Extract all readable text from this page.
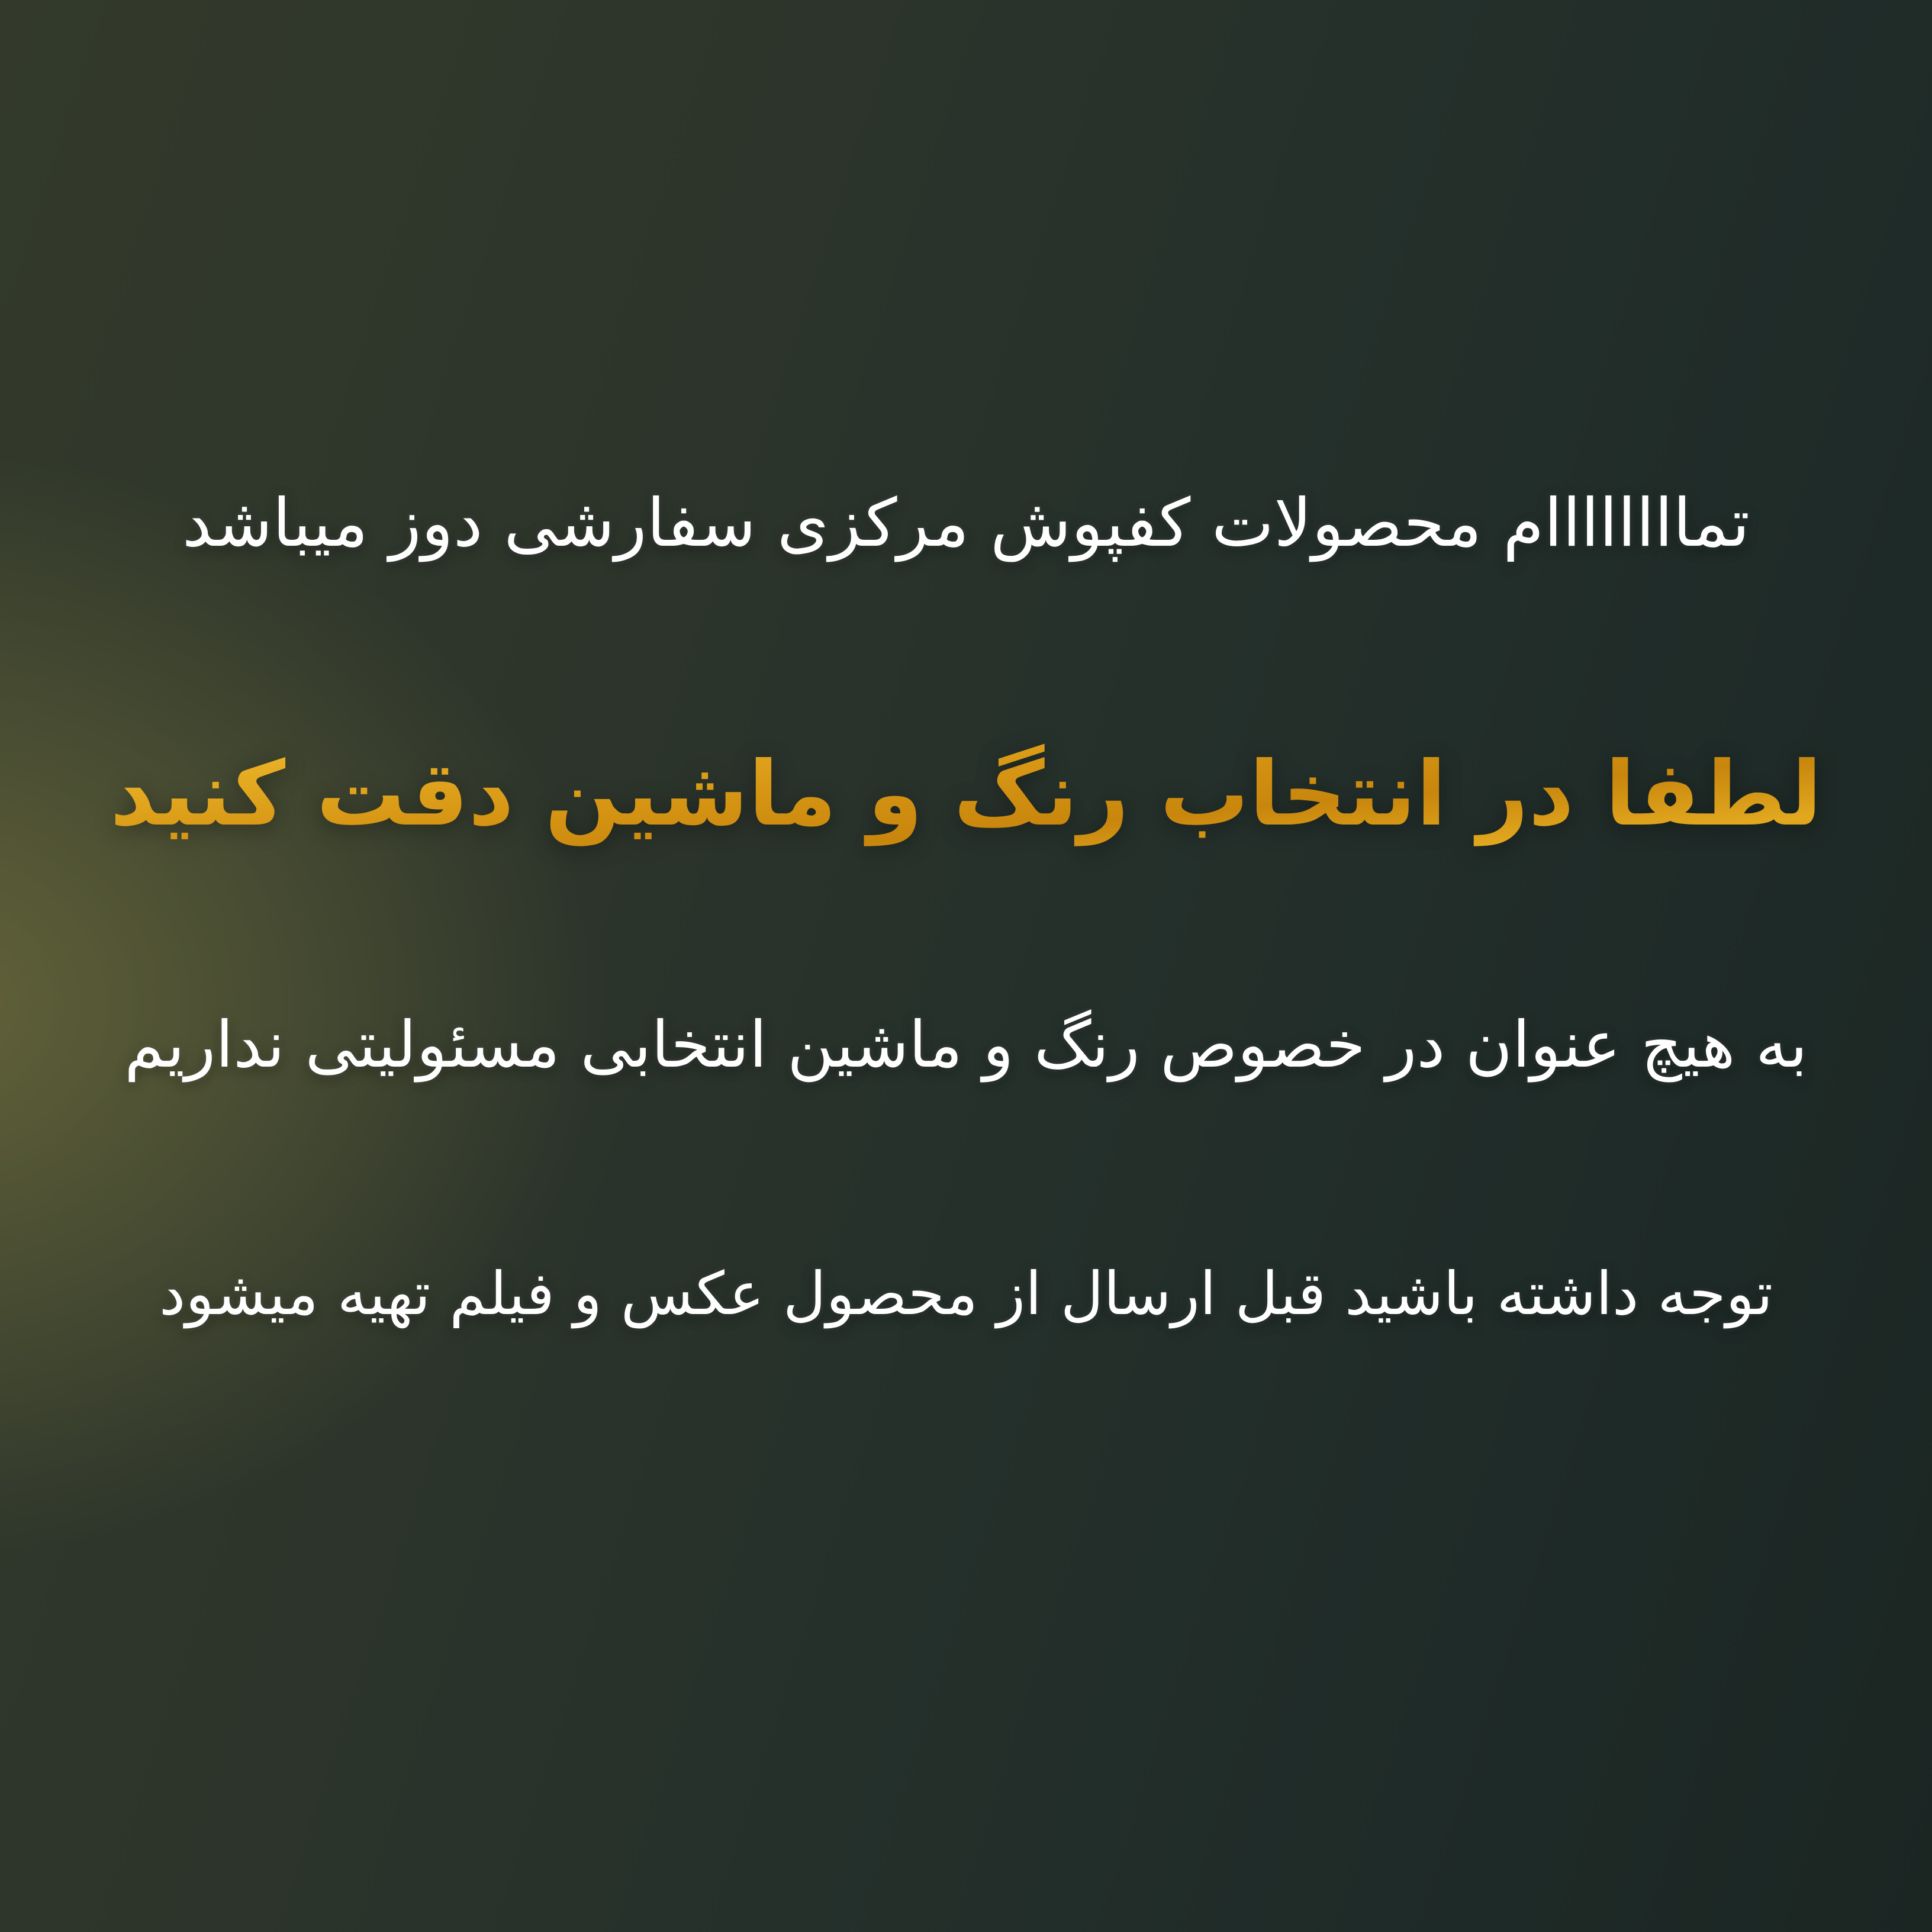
تماااااااام محصولات کفپوش مرکزی سفارشی دوز میباشد

لطفا در انتخاب رنگ و ماشین دقت کنید

به هیچ عنوان در خصوص رنگ و ماشین انتخابی مسئولیتی نداریم

توجه داشته باشید قبل ارسال از محصول عکس و فیلم تهیه میشود
